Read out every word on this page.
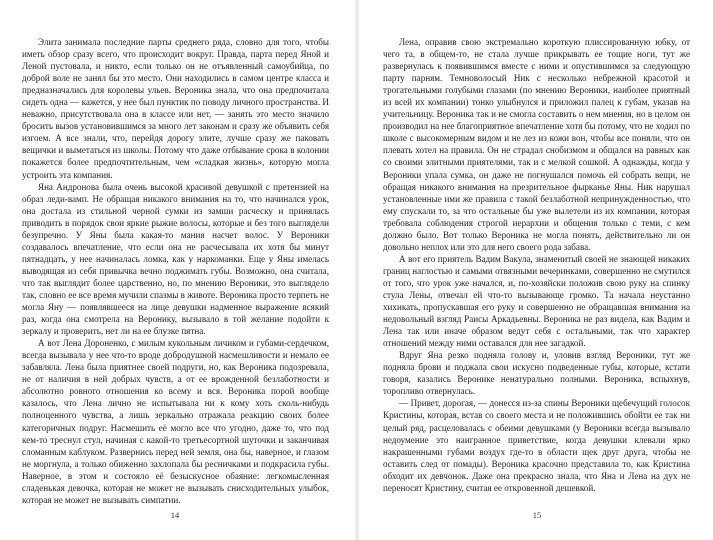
Элита занимала последние парты среднего ряда, словно для того, чтобы иметь обзор сразу всего, что происходит вокруг. Правда, парта перед Яной и Леной пустовала, и никто, если только он не отъявленный самоубийца, по доброй воле не занял бы это место. Они находились в самом центре класса и предназначались для королевы ульев. Вероника знала, что она предпочитала сидеть одна — кажется, у нее был пунктик по поводу личного пространства. И неважно, присутствовала она в классе или нет, — занять это место значило бросить вызов установившимся за много лет законам и сразу же объявить себя изгоем. А все знали, что, перейдя дорогу элите, лучше сразу же паковать вещички и выметаться из школы. Потому что даже отбывание срока в колонии покажется более предпочтительным, чем «сладкая жизнь», которую могла устроить эта компания.

Яна Андронова была очень высокой красивой девушкой с претензией на образ леди-вамп. Не обращая никакого внимания на то, что начинался урок, она достала из стильной черной сумки из замши расческу и принялась приводить в порядок свои яркие рыжие волосы, которые и без того выглядели безупречно. У Яны была какая-то мания насчет волос. У Вероники создавалось впечатление, что если она не расчесывала их хотя бы минут пятнадцать, у нее начиналась ломка, как у наркоманки. Еще у Яны имелась выводящая из себя привычка вечно поджимать губы. Возможно, она считала, что так выглядит более царственно, но, по мнению Вероники, это выглядело так, словно ее все время мучили спазмы в животе. Вероника просто терпеть не могла Яну — появлявшееся на лице девушки надменное выражение всякий раз, когда она смотрела на Веронику, вызывало в той желание подойти к зеркалу и проверить, нет ли на ее блузке пятна.

А вот Лена Дороненко, с милым кукольным личиком и губами-сердечком, всегда вызывала у нее что-то вроде добродушной насмешливости и немало ее забавляла. Лена была приятнее своей подруги, но, как Вероника подозревала, не от наличия в ней добрых чувств, а от ее врожденной безлаботности и абсолютно ровного отношения ко всему и вся. Вероника порой вообще казалось, что Лена лично не испытывала ни к кому хоть сколь-нибудь полноценного чувства, а лишь зеркально отражала реакцию своих более категоричных подруг. Насмешить её могло все что угодно, даже то, что под кем-то треснул стул, начиная с какой-то третьесортной шуточки и заканчивая сломанным каблуком. Развернись перед ней земля, она бы, наверное, и глазом не моргнула, а только обиженно захлопала бы ресничками и подкрасила губы. Наверное, в этом и состояло её безыскусное обаяние: легкомысленная сладенькая девочка, которая не может не вызывать снисходительных улыбок, которая не может не вызывать симпатии.

14

Лена, оправив свою экстремально короткую плиссированную юбку, от чего та, в общем-то, не стала лучше прикрывать ее тощие ноги, тут же развернулась к появившимся вместе с ними и опустившимся за следующую парту парням. Темноволосый Ник с несколько небрежной красотой и трогательными голубыми глазами (по мнению Вероники, наиболее приятный из всей их компании) тонко улыбнулся и приложил палец к губам, указав на учительницу. Вероника так и не смогла составить о нем мнения, но в целом он производил на нее благоприятное впечатление хотя бы потому, что не ходил по школе с высокомерным видом и не лез из кожи вон, чтобы все поняли, что он плевать хотел на правила. Он не страдал снобизмом и общался на равных как со своими элитными приятелями, так и с мелкой сошкой. А однажды, когда у Вероники упала сумка, он даже не погнушался помочь ей собрать вещи, не обращая никакого внимания на презрительное фырканье Яны. Ник нарушал установленные ими же правила с такой безлаботной непринужденностью, что ему спускали то, за что остальные бы уже вылетели из их компании, которая требовала соблюдения строгой иерархии и общения только с теми, с кем должно было. Вот только Вероника не могла понять, действительно ли он довольно неплох или это для него своего рода забава.

А вот его приятель Вадим Вакула, знаменитый своей не знающей никаких границ наглостью и самыми отвязными вечеринками, совершенно не смутился от того, что урок уже начался, и, по-хозяйски положив свою руку на спинку стула Лены, отвечал ей что-то вызывающе громко. Та начала неустанно хихикать, пропускавшая его руку и совершенно не обращавшая внимания на недовольный взгляд Раисы Аркадьевны. Вероника не раз видела, как Вадим и Лена так или иначе образом ведут себя с остальными, так что характер отношений между ними оставался для нее загадкой.

Вдруг Яна резко подняла голову и, уловив взгляд Вероники, тут же подняла брови и поджала свои искусно подведенные губы, которые, кстати говоря, казались Веронике ненатурально полными. Вероника, вспыхнув, торопливо отвернулась.

— Привет, дорогая, — донесся из-за спины Вероники щебечущий голосок Кристины, которая, встав со своего места и не положившись обойти ее так ни целый ряд, расцеловалась с обеими девушками (у Вероники всегда вызывало недоумение это наигранное приветствие, когда девушки клевали ярко накрашенными губами воздух где-то в области щек друг друга, чтобы не оставить след от помады). Вероника красочно представила то, как Кристина обходит их девчонок. Даже она прекрасно знала, что Яна и Лена на дух не переносят Кристину, считая ее откровенной дешевкой.

15
